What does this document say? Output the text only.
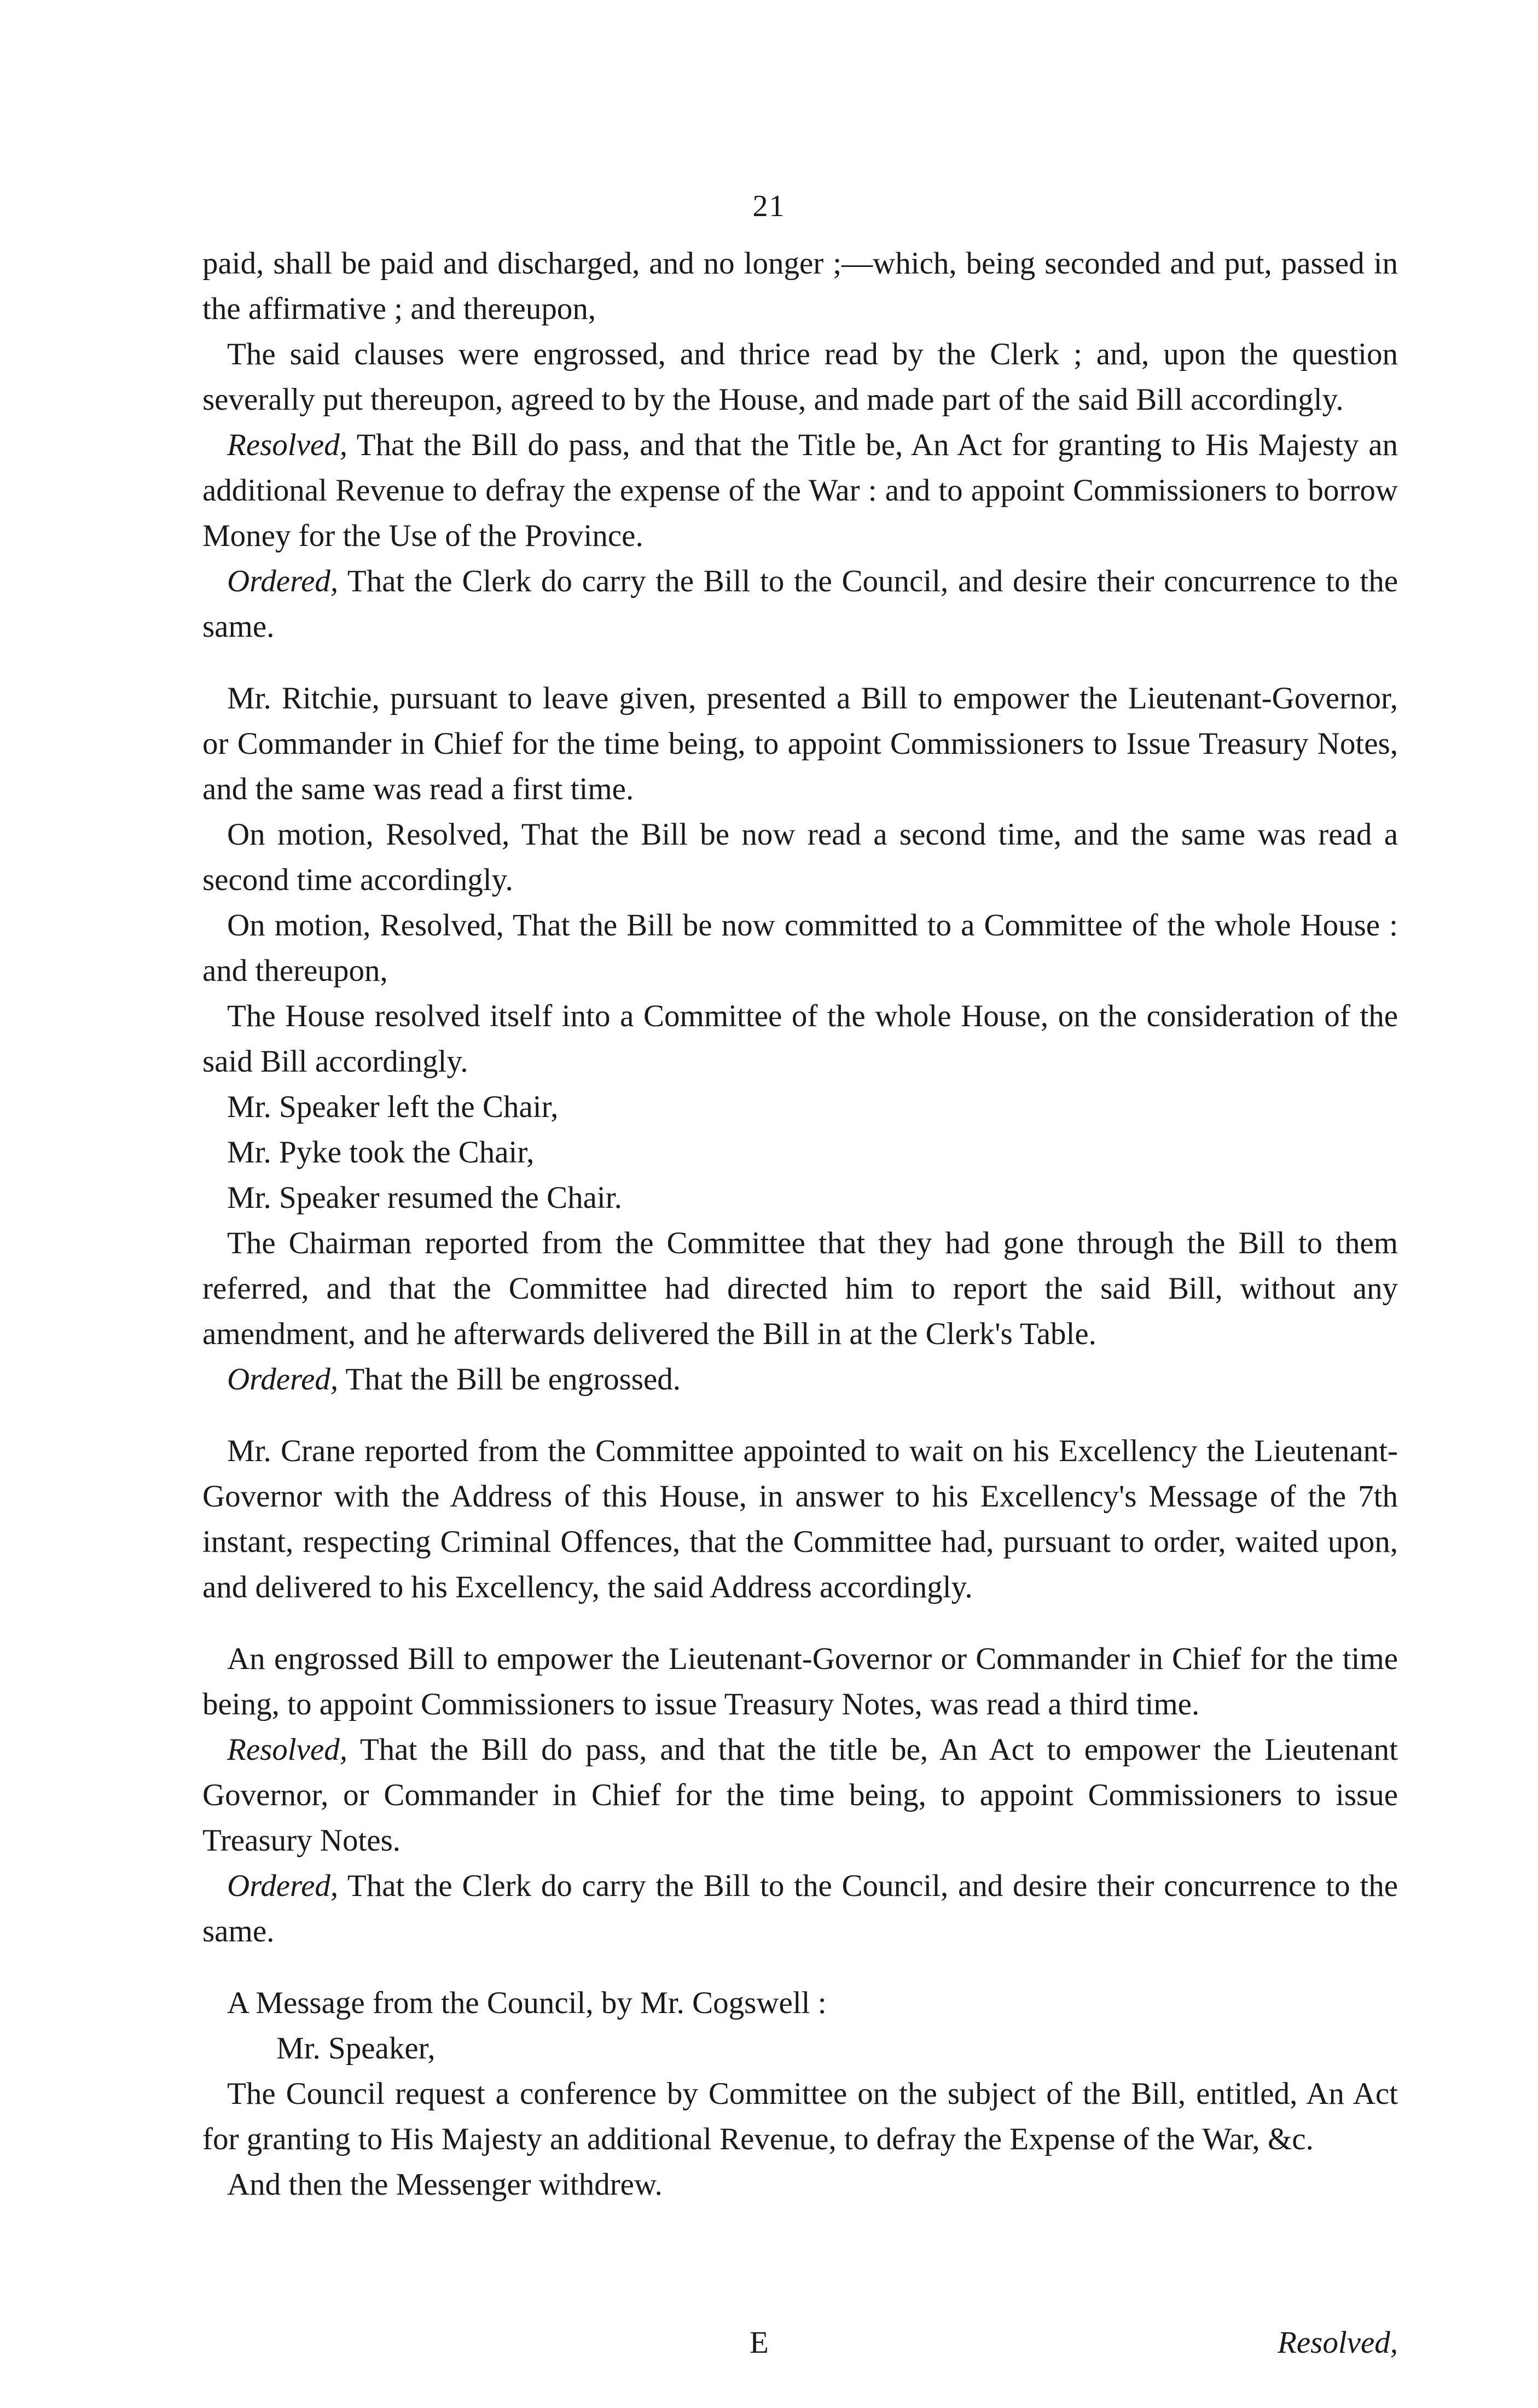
21

paid, shall be paid and discharged, and no longer ;—which, being seconded and put, passed in the affirmative ; and thereupon,

The said clauses were engrossed, and thrice read by the Clerk ; and, upon the question severally put thereupon, agreed to by the House, and made part of the said Bill accordingly.

Resolved, That the Bill do pass, and that the Title be, An Act for granting to His Majesty an additional Revenue to defray the expense of the War : and to appoint Commissioners to borrow Money for the Use of the Province.

Ordered, That the Clerk do carry the Bill to the Council, and desire their concurrence to the same.

Mr. Ritchie, pursuant to leave given, presented a Bill to empower the Lieutenant-Governor, or Commander in Chief for the time being, to appoint Commissioners to Issue Treasury Notes, and the same was read a first time.

On motion, Resolved, That the Bill be now read a second time, and the same was read a second time accordingly.

On motion, Resolved, That the Bill be now committed to a Committee of the whole House : and thereupon,

The House resolved itself into a Committee of the whole House, on the consideration of the said Bill accordingly.

Mr. Speaker left the Chair,

Mr. Pyke took the Chair,

Mr. Speaker resumed the Chair.

The Chairman reported from the Committee that they had gone through the Bill to them referred, and that the Committee had directed him to report the said Bill, without any amendment, and he afterwards delivered the Bill in at the Clerk's Table.

Ordered, That the Bill be engrossed.

Mr. Crane reported from the Committee appointed to wait on his Excellency the Lieutenant-Governor with the Address of this House, in answer to his Excellency's Message of the 7th instant, respecting Criminal Offences, that the Committee had, pursuant to order, waited upon, and delivered to his Excellency, the said Address accordingly.

An engrossed Bill to empower the Lieutenant-Governor or Commander in Chief for the time being, to appoint Commissioners to issue Treasury Notes, was read a third time.

Resolved, That the Bill do pass, and that the title be, An Act to empower the Lieutenant Governor, or Commander in Chief for the time being, to appoint Commissioners to issue Treasury Notes.

Ordered, That the Clerk do carry the Bill to the Council, and desire their concurrence to the same.

A Message from the Council, by Mr. Cogswell :

Mr. Speaker,

The Council request a conference by Committee on the subject of the Bill, entitled, An Act for granting to His Majesty an additional Revenue, to defray the Expense of the War, &c.

And then the Messenger withdrew.

E	Resolved,
